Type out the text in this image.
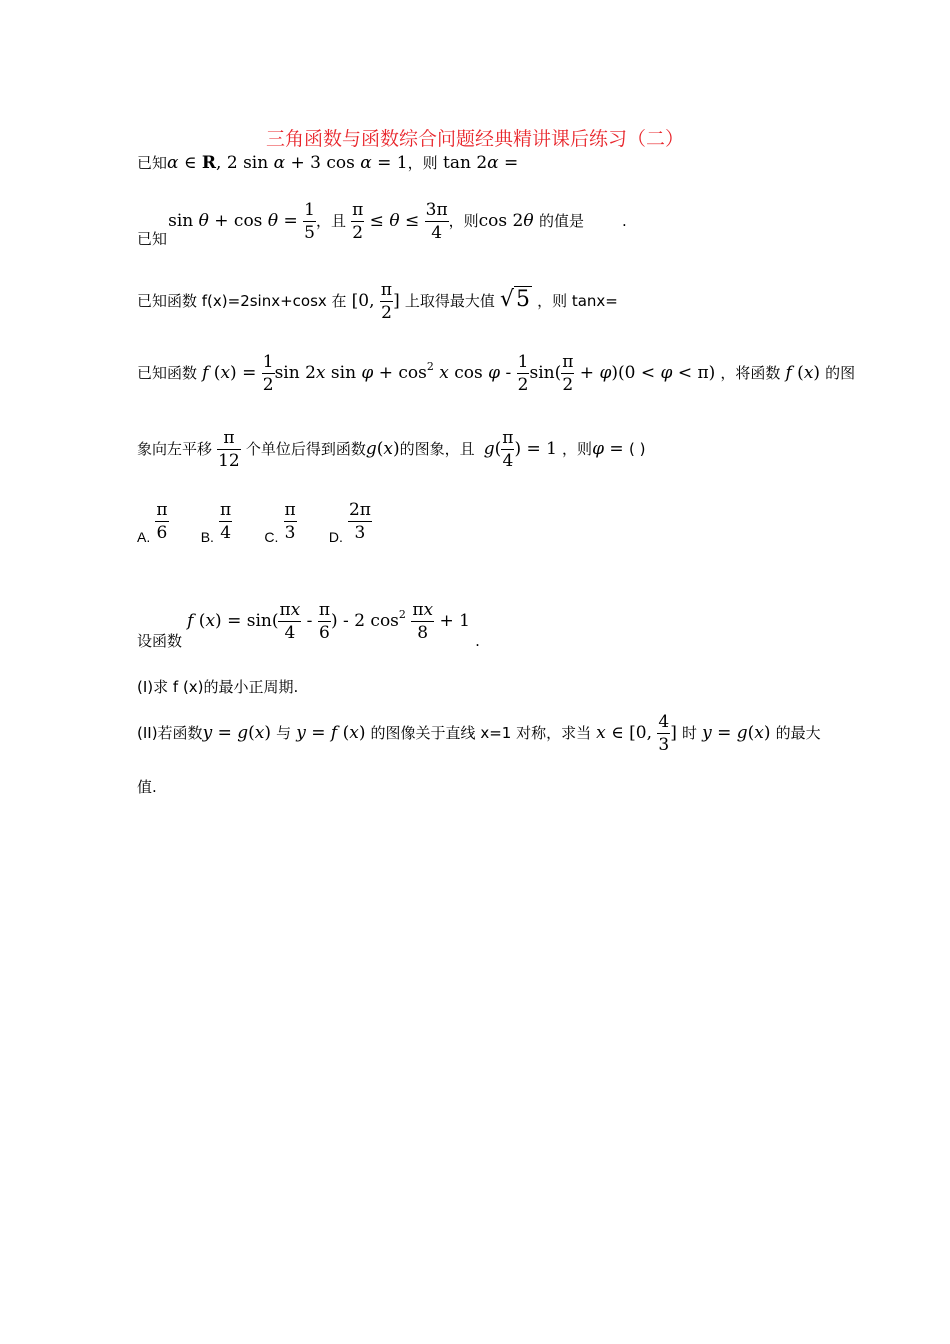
三角函数与函数综合问题经典精讲课后练习（二）
已知α ∈ R, 2 sin α + 3 cos α = 1，则 tan 2α =
已知 $\sin \theta + \cos \theta = \frac{1}{5}$ ，且 $\frac{\pi}{2} \le \theta \le \frac{3\pi}{4}$ ，则cos 2θ 的值是	.
已知函数 f(x)=2sinx+cosx 在 [0, $\frac{\pi}{2}$ ] 上取得最大值 √5 ，则 tanx=
已知函数 f $(x) = \frac{1}{2}$ sin 2x $\sin \varphi + \cos^2 x$ $\cos \varphi - \frac{1}{2} \sin( \frac{\pi}{2} + \varphi)(0 < \varphi < \pi)$ ，将函数 f (x) 的图
象向左平移 $\frac{\pi}{12}$ 个单位后得到函数g(x)的图象，且 $g( \frac{\pi}{4}$ ) = 1 ，则φ = ( )
A. $\frac{\pi}{6} B$. $\frac{\pi}{4} C$. $\frac{\pi}{3} D$. $\frac{2\pi}{3}$
设函数 f $(x) = \sin( \frac{\pi x}{4} - \frac{\pi}{6}$ ) - 2 $\cos^2 \frac{\pi x}{8} + 1$ .
(I)求 f (x)的最小正周期.
(II)若函数y = g(x) 与 y = f (x) 的图像关于直线 x=1 对称，求当 x ∈ [0, $\frac{4}{3}$ ] 时 y = g(x) 的最大
值.
